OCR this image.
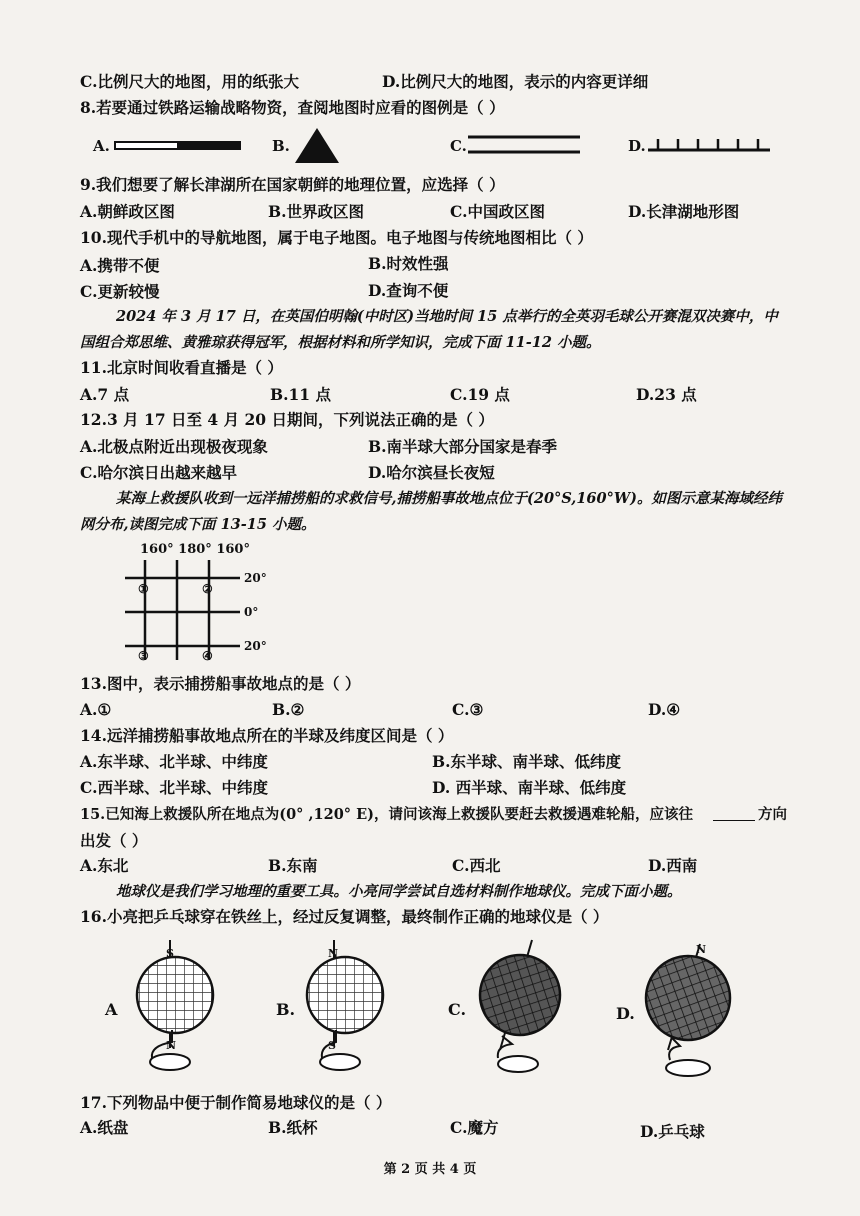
C.比例尺大的地图，用的纸张大	D.比例尺大的地图，表示的内容更详细
8.若要通过铁路运输战略物资，查阅地图时应看的图例是（ ）
A.	B.	C.	D.
9.我们想要了解长津湖所在国家朝鲜的地理位置，应选择（ ）
A.朝鲜政区图	B.世界政区图	C.中国政区图	D.长津湖地形图
10.现代手机中的导航地图，属于电子地图。电子地图与传统地图相比（ ）
A.携带不便	B.时效性强
C.更新较慢	D.查询不便
2024 年 3 月 17 日，在英国伯明翰(中时区)当地时间 15 点举行的全英羽毛球公开赛混双决赛中，中
国组合郑思维、黄雅琼获得冠军，根据材料和所学知识，完成下面 11-12 小题。
11.北京时间收看直播是（ ）
A.7 点	B.11 点	C.19 点	D.23 点
12.3 月 17 日至 4 月 20 日期间，下列说法正确的是（ ）
A.北极点附近出现极夜现象	B.南半球大部分国家是春季
C.哈尔滨日出越来越早	D.哈尔滨昼长夜短
某海上救援队收到一远洋捕捞船的求救信号,捕捞船事故地点位于(20°S,160°W)。如图示意某海域经纬
网分布,读图完成下面 13-15 小题。
160° 180° 160°
①	②
③	④
20°
0°
20°
13.图中，表示捕捞船事故地点的是（ ）
A.①	B.②	C.③	D.④
14.远洋捕捞船事故地点所在的半球及纬度区间是（ ）
A.东半球、北半球、中纬度	B.东半球、南半球、低纬度
C.西半球、北半球、中纬度	D. 西半球、南半球、低纬度
15.已知海上救援队所在地点为(0° ,120° E)，请问该海上救援队要赶去救援遇难轮船，应该往	方向
出发（ ）
A.东北	B.东南	C.西北	D.西南
地球仪是我们学习地理的重要工具。小亮同学尝试自选材料制作地球仪。完成下面小题。
16.小亮把乒乓球穿在铁丝上，经过反复调整，最终制作正确的地球仪是（ ）
A
S
N
B.
N
S
C.	D.
N
17.下列物品中便于制作简易地球仪的是（ ）
A.纸盘	B.纸杯	C.魔方	D.乒乓球
第 2 页 共 4 页
